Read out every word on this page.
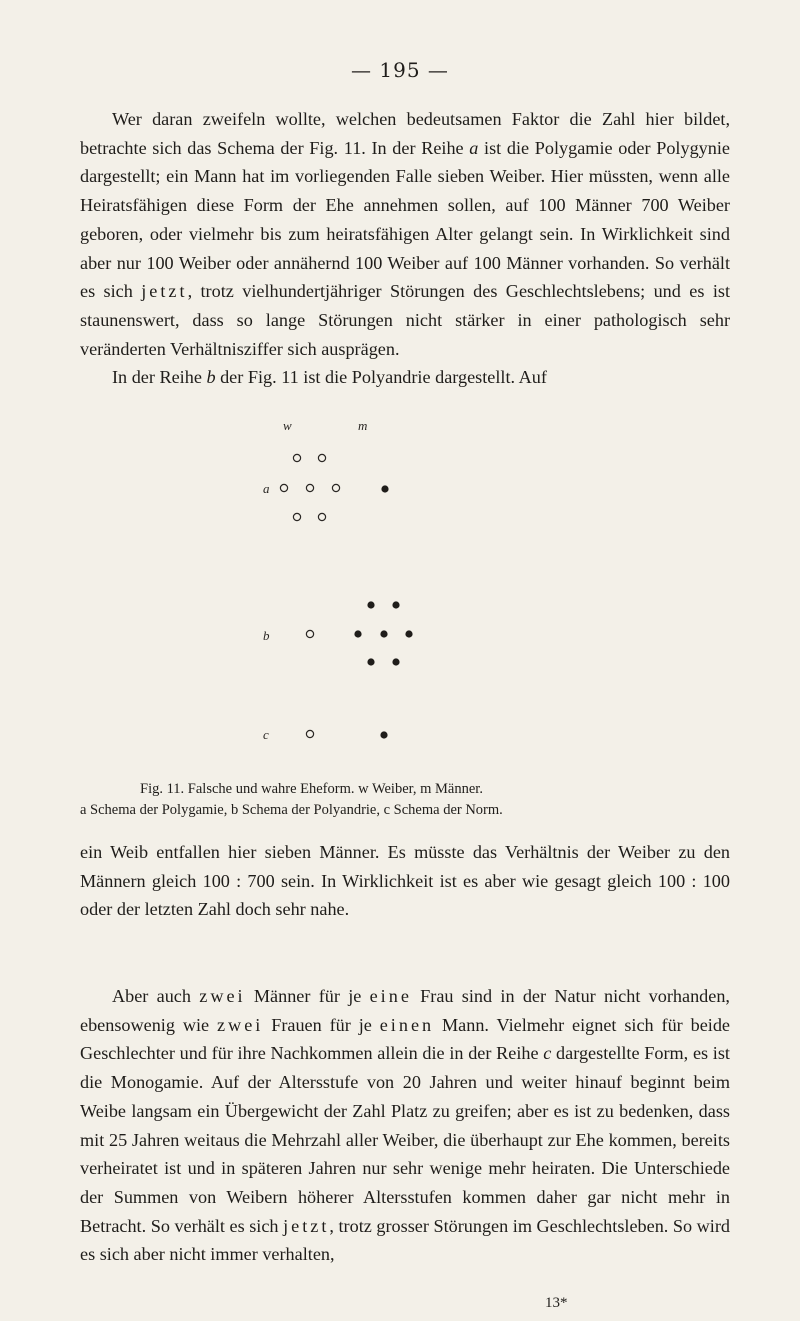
— 195 —

Wer daran zweifeln wollte, welchen bedeutsamen Faktor die Zahl hier bildet, betrachte sich das Schema der Fig. 11. In der Reihe a ist die Polygamie oder Polygynie dargestellt; ein Mann hat im vorliegenden Falle sieben Weiber. Hier müssten, wenn alle Heiratsfähigen diese Form der Ehe annehmen sollen, auf 100 Männer 700 Weiber geboren, oder vielmehr bis zum heiratsfähigen Alter gelangt sein. In Wirklichkeit sind aber nur 100 Weiber oder annähernd 100 Weiber auf 100 Männer vorhanden. So verhält es sich jetzt, trotz vielhundertjähriger Störungen des Geschlechtslebens; und es ist staunenswert, dass so lange Störungen nicht stärker in einer pathologisch sehr veränderten Verhältnisziffer sich ausprägen.

In der Reihe b der Fig. 11 ist die Polyandrie dargestellt. Auf

w	m
a
b
c

Fig. 11. Falsche und wahre Eheform. w Weiber, m Männer.

a Schema der Polygamie, b Schema der Polyandrie, c Schema der Norm.

ein Weib entfallen hier sieben Männer. Es müsste das Verhältnis der Weiber zu den Männern gleich 100 : 700 sein. In Wirklichkeit ist es aber wie gesagt gleich 100 : 100 oder der letzten Zahl doch sehr nahe.

Aber auch zwei Männer für je eine Frau sind in der Natur nicht vorhanden, ebensowenig wie zwei Frauen für je einen Mann. Vielmehr eignet sich für beide Geschlechter und für ihre Nachkommen allein die in der Reihe c dargestellte Form, es ist die Monogamie. Auf der Altersstufe von 20 Jahren und weiter hinauf beginnt beim Weibe langsam ein Übergewicht der Zahl Platz zu greifen; aber es ist zu bedenken, dass mit 25 Jahren weitaus die Mehrzahl aller Weiber, die überhaupt zur Ehe kommen, bereits verheiratet ist und in späteren Jahren nur sehr wenige mehr heiraten. Die Unterschiede der Summen von Weibern höherer Altersstufen kommen daher gar nicht mehr in Betracht. So verhält es sich jetzt, trotz grosser Störungen im Geschlechtsleben. So wird es sich aber nicht immer verhalten,

13*
